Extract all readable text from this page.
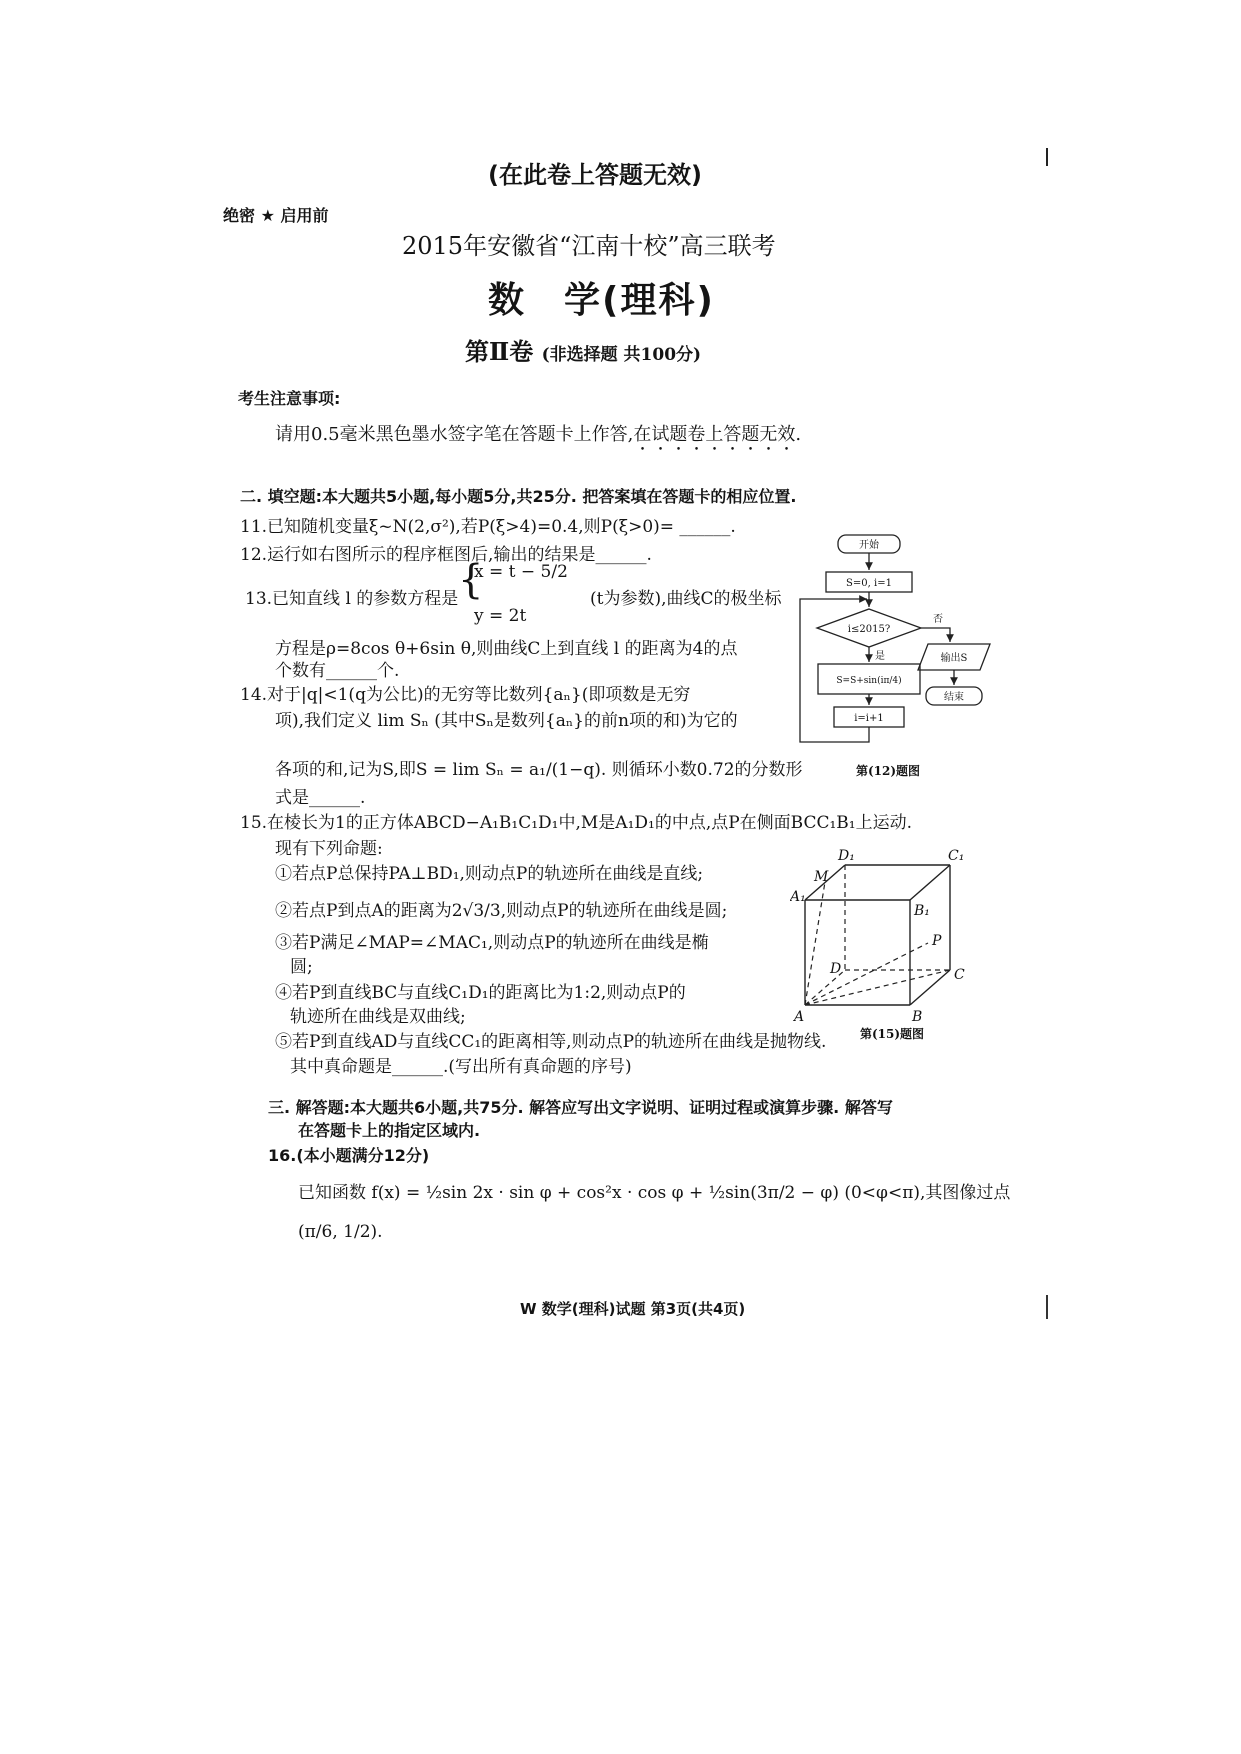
(在此卷上答题无效)
绝密 ★ 启用前
2015年安徽省“江南十校”高三联考
数　学(理科)
第Ⅱ卷 (非选择题 共100分)
考生注意事项:
请用0.5毫米黑色墨水签字笔在答题卡上作答,在试题卷上答题无效.
二. 填空题:本大题共5小题,每小题5分,共25分. 把答案填在答题卡的相应位置.
11.已知随机变量ξ~N(2,σ²),若P(ξ>4)=0.4,则P(ξ>0)= ______.
12.运行如右图所示的程序框图后,输出的结果是______.
13.已知直线 l 的参数方程是 {
x = t − 5/2
y = 2t
(t为参数),曲线C的极坐标
方程是ρ=8cos θ+6sin θ,则曲线C上到直线 l 的距离为4的点
个数有______个.
14.对于|q|<1(q为公比)的无穷等比数列{aₙ}(即项数是无穷
项),我们定义 lim Sₙ (其中Sₙ是数列{aₙ}的前n项的和)为它的
各项的和,记为S,即S = lim Sₙ = a₁/(1−q). 则循环小数0.7̇2̇的分数形
式是______.
15.在棱长为1的正方体ABCD−A₁B₁C₁D₁中,M是A₁D₁的中点,点P在侧面BCC₁B₁上运动.
现有下列命题:
①若点P总保持PA⊥BD₁,则动点P的轨迹所在曲线是直线;
②若点P到点A的距离为2√3/3,则动点P的轨迹所在曲线是圆;
③若P满足∠MAP=∠MAC₁,则动点P的轨迹所在曲线是椭
圆;
④若P到直线BC与直线C₁D₁的距离比为1:2,则动点P的
轨迹所在曲线是双曲线;
⑤若P到直线AD与直线CC₁的距离相等,则动点P的轨迹所在曲线是抛物线.
其中真命题是______.(写出所有真命题的序号)
三. 解答题:本大题共6小题,共75分. 解答应写出文字说明、证明过程或演算步骤. 解答写
在答题卡上的指定区域内.
16.(本小题满分12分)
已知函数 f(x) = ½sin 2x · sin φ + cos²x · cos φ + ½sin(3π/2 − φ) (0<φ<π),其图像过点
(π/6, 1/2).
W 数学(理科)试题 第3页(共4页)
开始
S=0, i=1
i≤2015?
否
是
S=S+sin(iπ/4)
i=i+1
输出S
结束
第(12)题图
D₁	C₁
M
A₁
B₁
D
P
C
A	B
第(15)题图
